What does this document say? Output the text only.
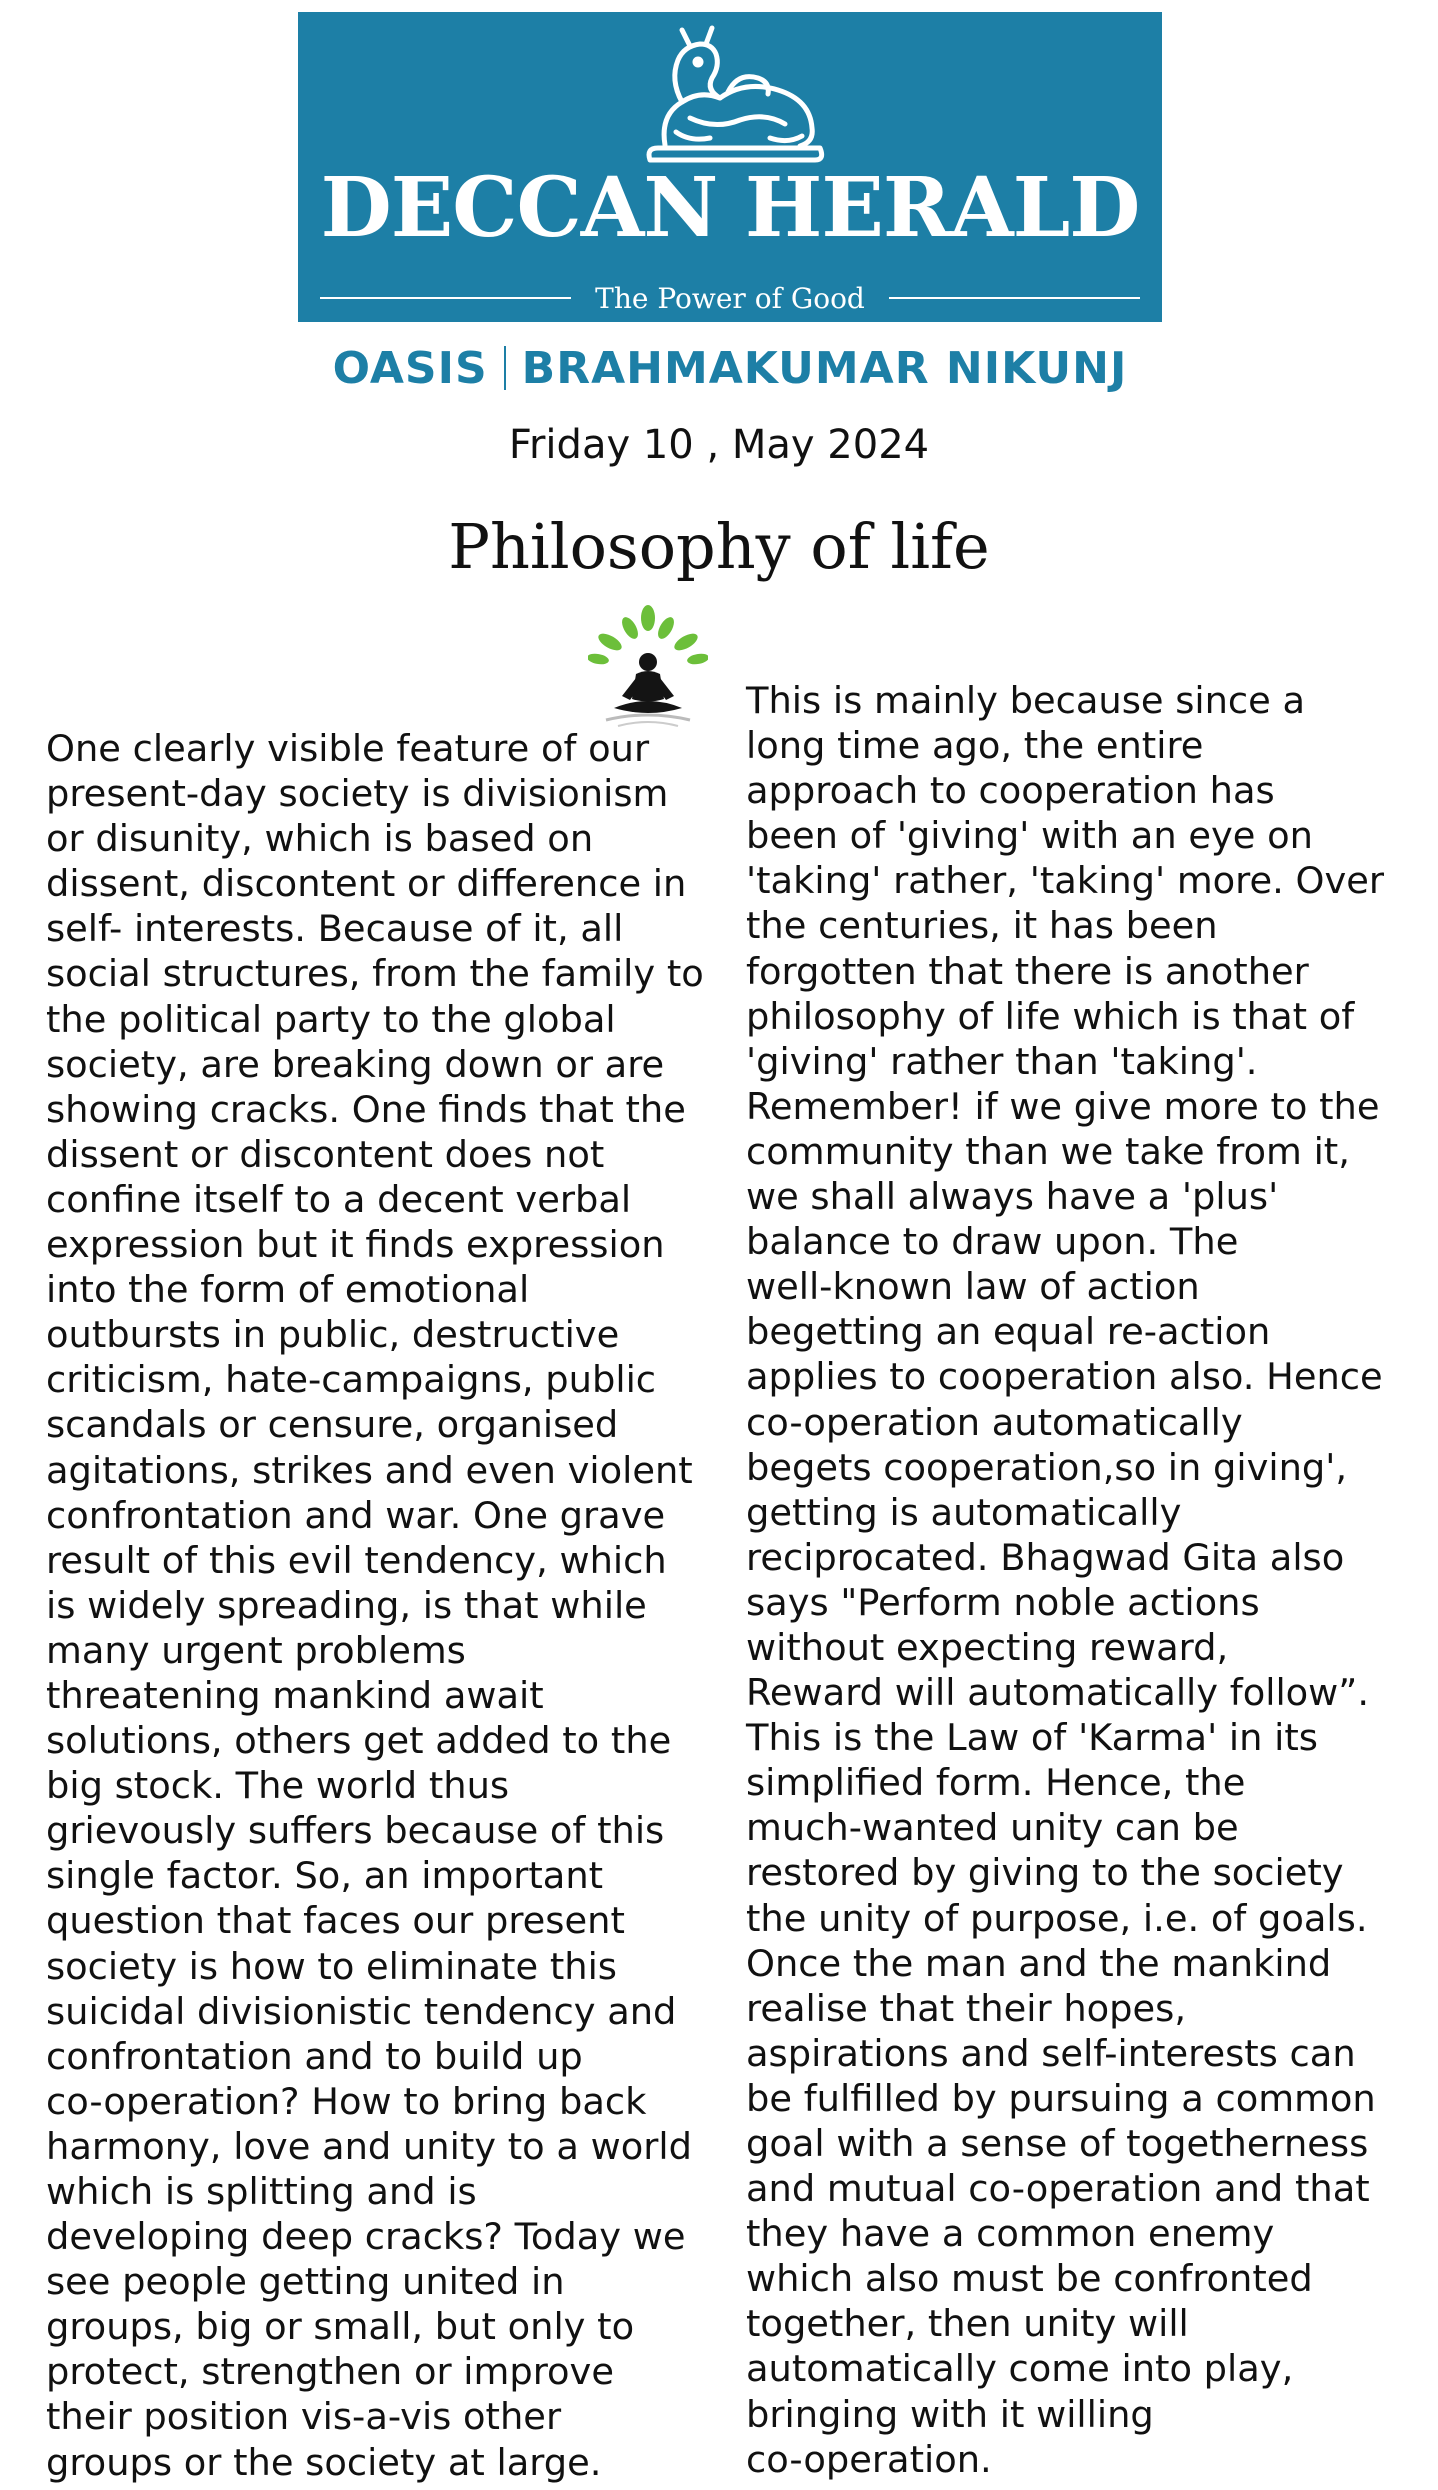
DECCAN HERALD
The Power of Good
OASIS BRAHMAKUMAR NIKUNJ
Friday 10 , May 2024
Philosophy of life
One clearly visible feature of our
present-day society is divisionism
or disunity, which is based on
dissent, discontent or difference in
self- interests. Because of it, all
social structures, from the family to
the political party to the global
society, are breaking down or are
showing cracks. One finds that the
dissent or discontent does not
confine itself to a decent verbal
expression but it finds expression
into the form of emotional
outbursts in public, destructive
criticism, hate-campaigns, public
scandals or censure, organised
agitations, strikes and even violent
confrontation and war. One grave
result of this evil tendency, which
is widely spreading, is that while
many urgent problems
threatening mankind await
solutions, others get added to the
big stock. The world thus
grievously suffers because of this
single factor. So, an important
question that faces our present
society is how to eliminate this
suicidal divisionistic tendency and
confrontation and to build up
co-operation? How to bring back
harmony, love and unity to a world
which is splitting and is
developing deep cracks? Today we
see people getting united in
groups, big or small, but only to
protect, strengthen or improve
their position vis-a-vis other
groups or the society at large.
This is mainly because since a
long time ago, the entire
approach to cooperation has
been of 'giving' with an eye on
'taking' rather, 'taking' more. Over
the centuries, it has been
forgotten that there is another
philosophy of life which is that of
'giving' rather than 'taking'.
Remember! if we give more to the
community than we take from it,
we shall always have a 'plus'
balance to draw upon. The
well-known law of action
begetting an equal re-action
applies to cooperation also. Hence
co-operation automatically
begets cooperation,so in giving',
getting is automatically
reciprocated. Bhagwad Gita also
says "Perform noble actions
without expecting reward,
Reward will automatically follow”.
This is the Law of 'Karma' in its
simplified form. Hence, the
much-wanted unity can be
restored by giving to the society
the unity of purpose, i.e. of goals.
Once the man and the mankind
realise that their hopes,
aspirations and self-interests can
be fulfilled by pursuing a common
goal with a sense of togetherness
and mutual co-operation and that
they have a common enemy
which also must be confronted
together, then unity will
automatically come into play,
bringing with it willing
co-operation.
